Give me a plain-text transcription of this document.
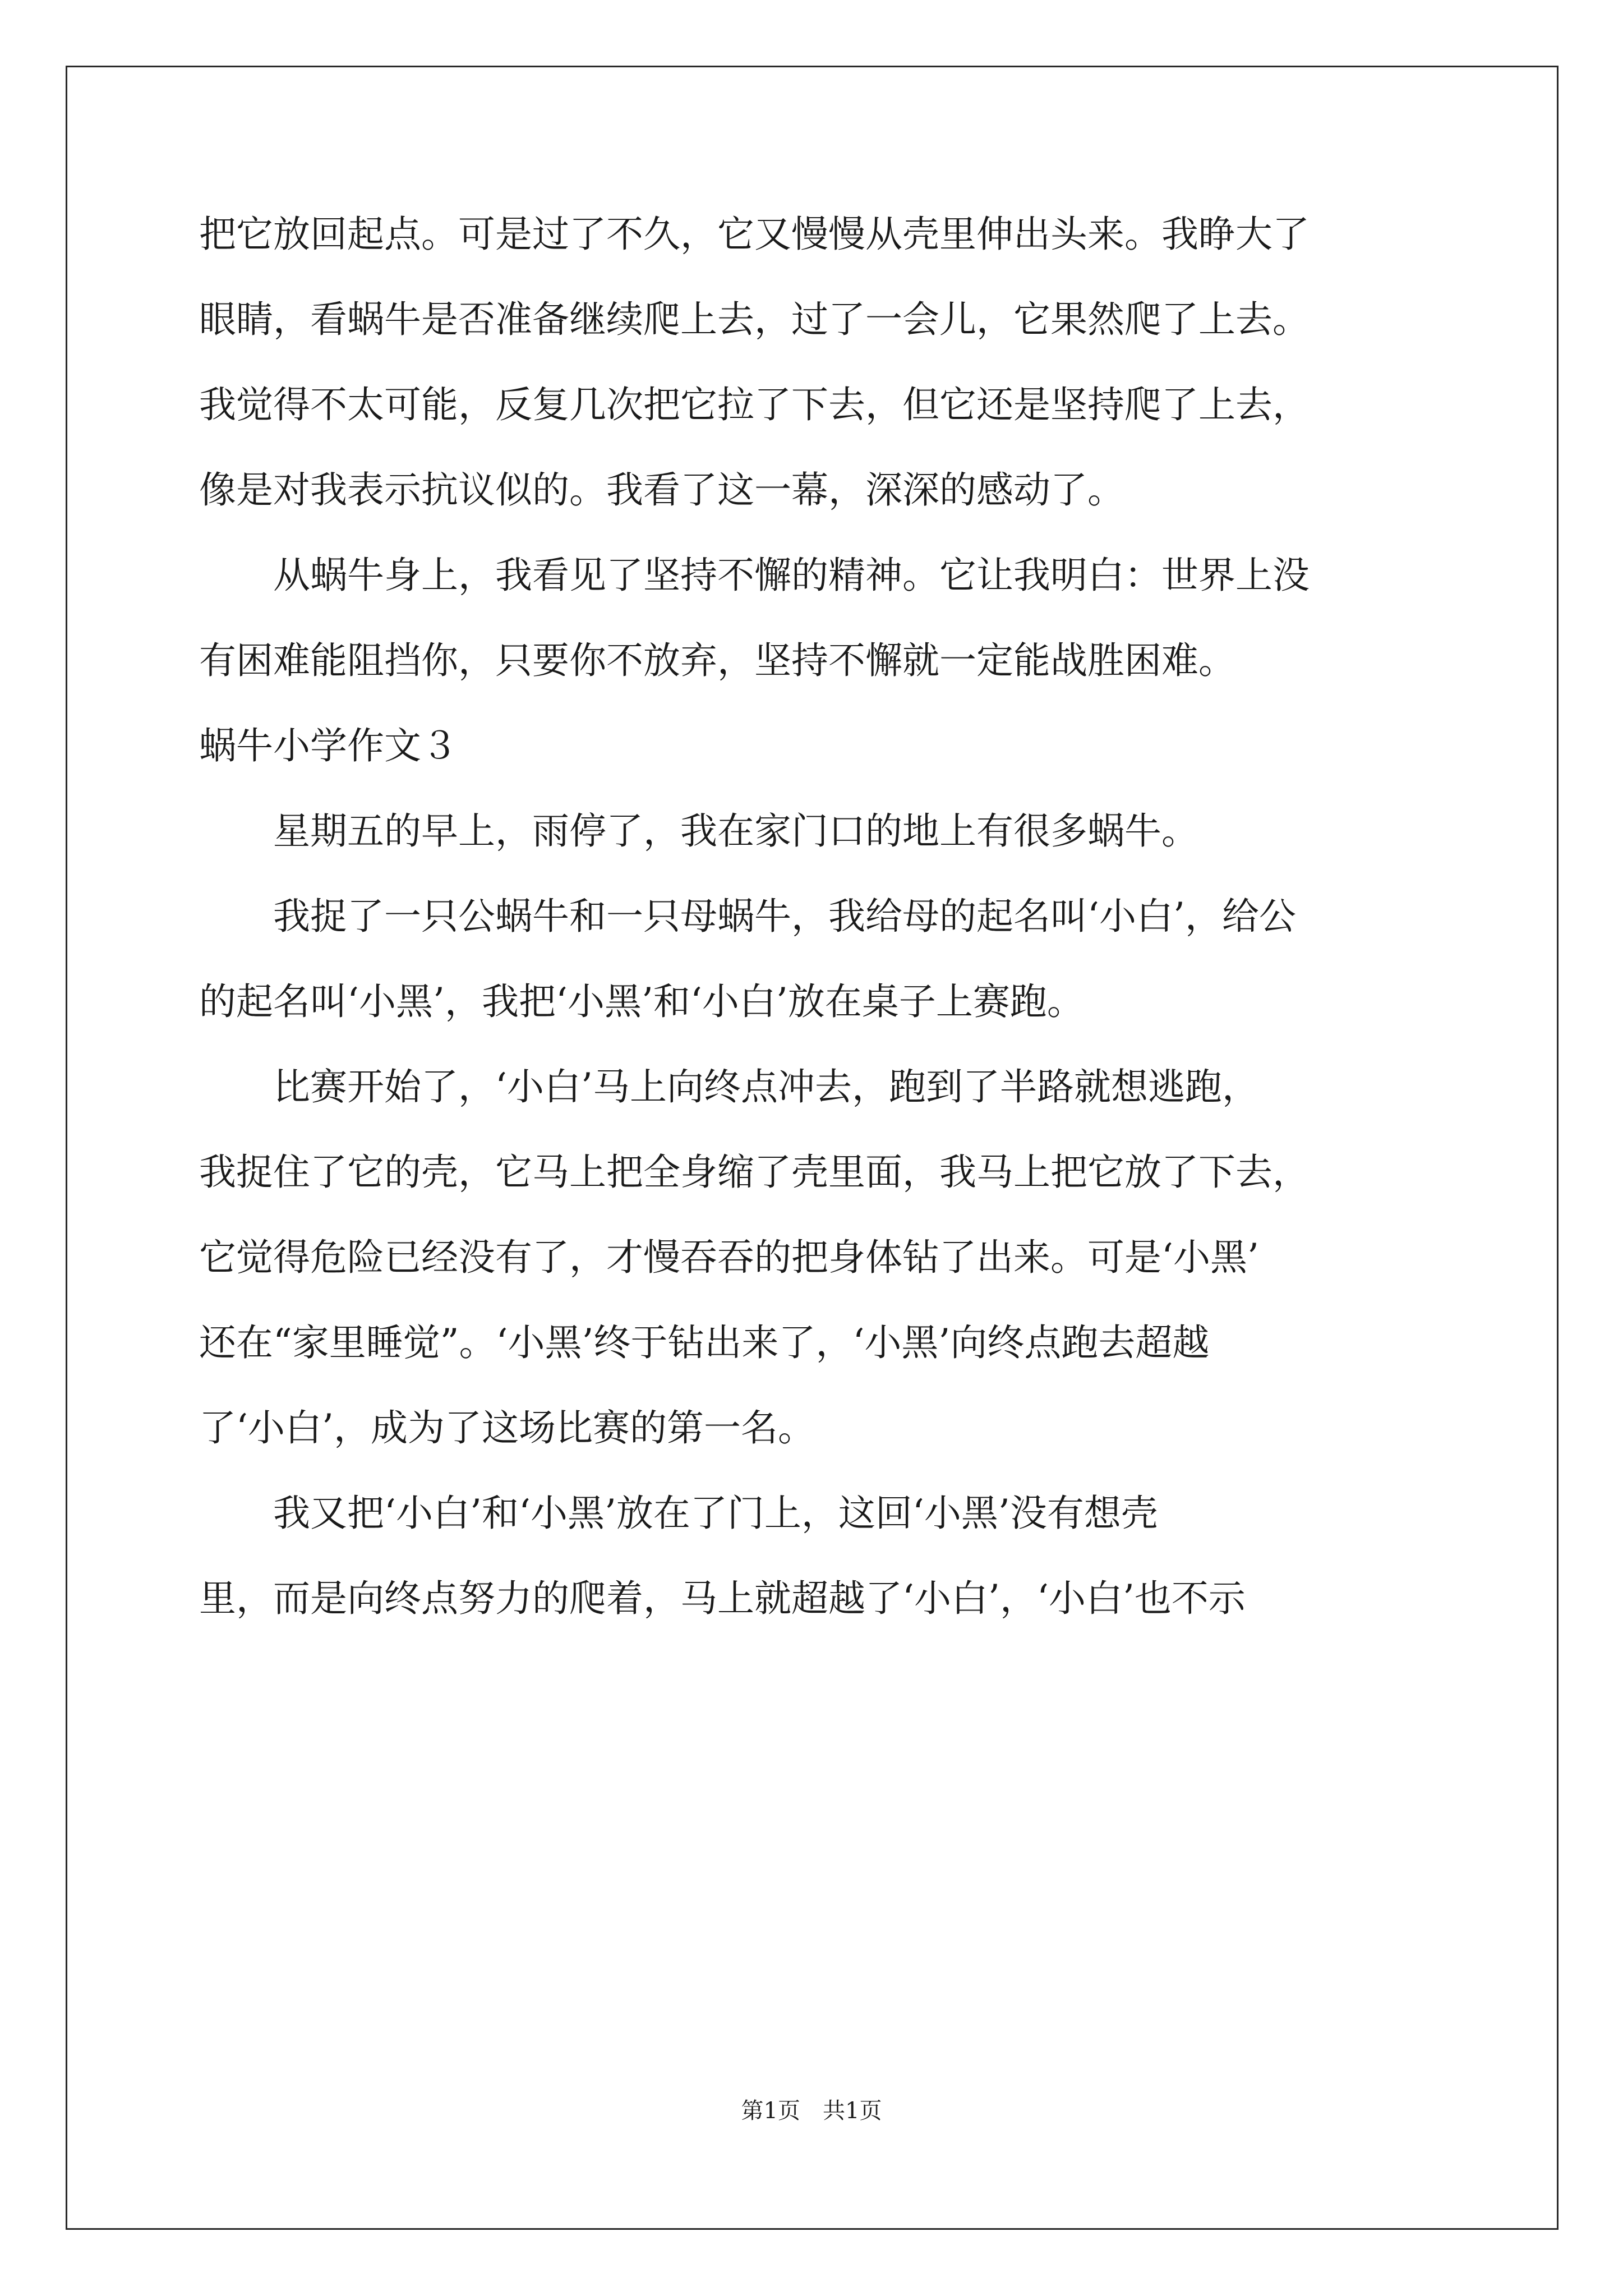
把它放回起点。可是过了不久，它又慢慢从壳里伸出头来。我睁大了
眼睛，看蜗牛是否准备继续爬上去，过了一会儿，它果然爬了上去。
我觉得不太可能，反复几次把它拉了下去，但它还是坚持爬了上去，
像是对我表示抗议似的。我看了这一幕，深深的感动了。
　　从蜗牛身上，我看见了坚持不懈的精神。它让我明白：世界上没
有困难能阻挡你，只要你不放弃，坚持不懈就一定能战胜困难。
蜗牛小学作文３
　　星期五的早上，雨停了，我在家门口的地上有很多蜗牛。
　　我捉了一只公蜗牛和一只母蜗牛，我给母的起名叫‘小白’，给公
的起名叫‘小黑’，我把‘小黑’和‘小白’放在桌子上赛跑。
　　比赛开始了，‘小白’马上向终点冲去，跑到了半路就想逃跑，
我捉住了它的壳，它马上把全身缩了壳里面，我马上把它放了下去，
它觉得危险已经没有了，才慢吞吞的把身体钻了出来。可是‘小黑’
还在“家里睡觉”。‘小黑’终于钻出来了，‘小黑’向终点跑去超越
了‘小白’，成为了这场比赛的第一名。
　　我又把‘小白’和‘小黑’放在了门上，这回‘小黑’没有想壳
里，而是向终点努力的爬着，马上就超越了‘小白’，‘小白’也不示
第1页　共1页
